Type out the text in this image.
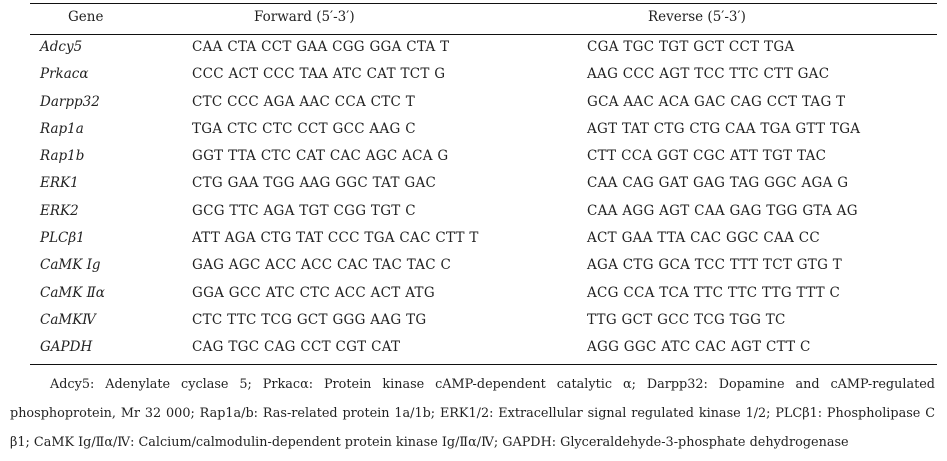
Gene	Forward (5′-3′)	Reverse (5′-3′)
Adcy5	CAA CTA CCT GAA CGG GGA CTA T	CGA TGC TGT GCT CCT TGA
Prkacα	CCC ACT CCC TAA ATC CAT TCT G	AAG CCC AGT TCC TTC CTT GAC
Darpp32	CTC CCC AGA AAC CCA CTC T	GCA AAC ACA GAC CAG CCT TAG T
Rap1a	TGA CTC CTC CCT GCC AAG C	AGT TAT CTG CTG CAA TGA GTT TGA
Rap1b	GGT TTA CTC CAT CAC AGC ACA G	CTT CCA GGT CGC ATT TGT TAC
ERK1	CTG GAA TGG AAG GGC TAT GAC	CAA CAG GAT GAG TAG GGC AGA G
ERK2	GCG TTC AGA TGT CGG TGT C	CAA AGG AGT CAA GAG TGG GTA AG
PLCβ1	ATT AGA CTG TAT CCC TGA CAC CTT T	ACT GAA TTA CAC GGC CAA CC
CaMK Ⅰg	GAG AGC ACC ACC CAC TAC TAC C	AGA CTG GCA TCC TTT TCT GTG T
CaMK Ⅱα	GGA GCC ATC CTC ACC ACT ATG	ACG CCA TCA TTC TTC TTG TTT C
CaMKⅣ	CTC TTC TCG GCT GGG AAG TG	TTG GCT GCC TCG TGG TC
GAPDH	CAG TGC CAG CCT CGT CAT	AGG GGC ATC CAC AGT CTT C
Adcy5: Adenylate cyclase 5; Prkacα: Protein kinase cAMP-dependent catalytic α; Darpp32: Dopamine and cAMP-regulated phosphoprotein, Mr 32 000; Rap1a/b: Ras-related protein 1a/1b; ERK1/2: Extracellular signal regulated kinase 1/2; PLCβ1: Phospholipase C β1; CaMK Ⅰg/Ⅱα/Ⅳ: Calcium/calmodulin-dependent protein kinase Ⅰg/Ⅱα/Ⅳ; GAPDH: Glyceraldehyde-3-phosphate dehydrogenase
